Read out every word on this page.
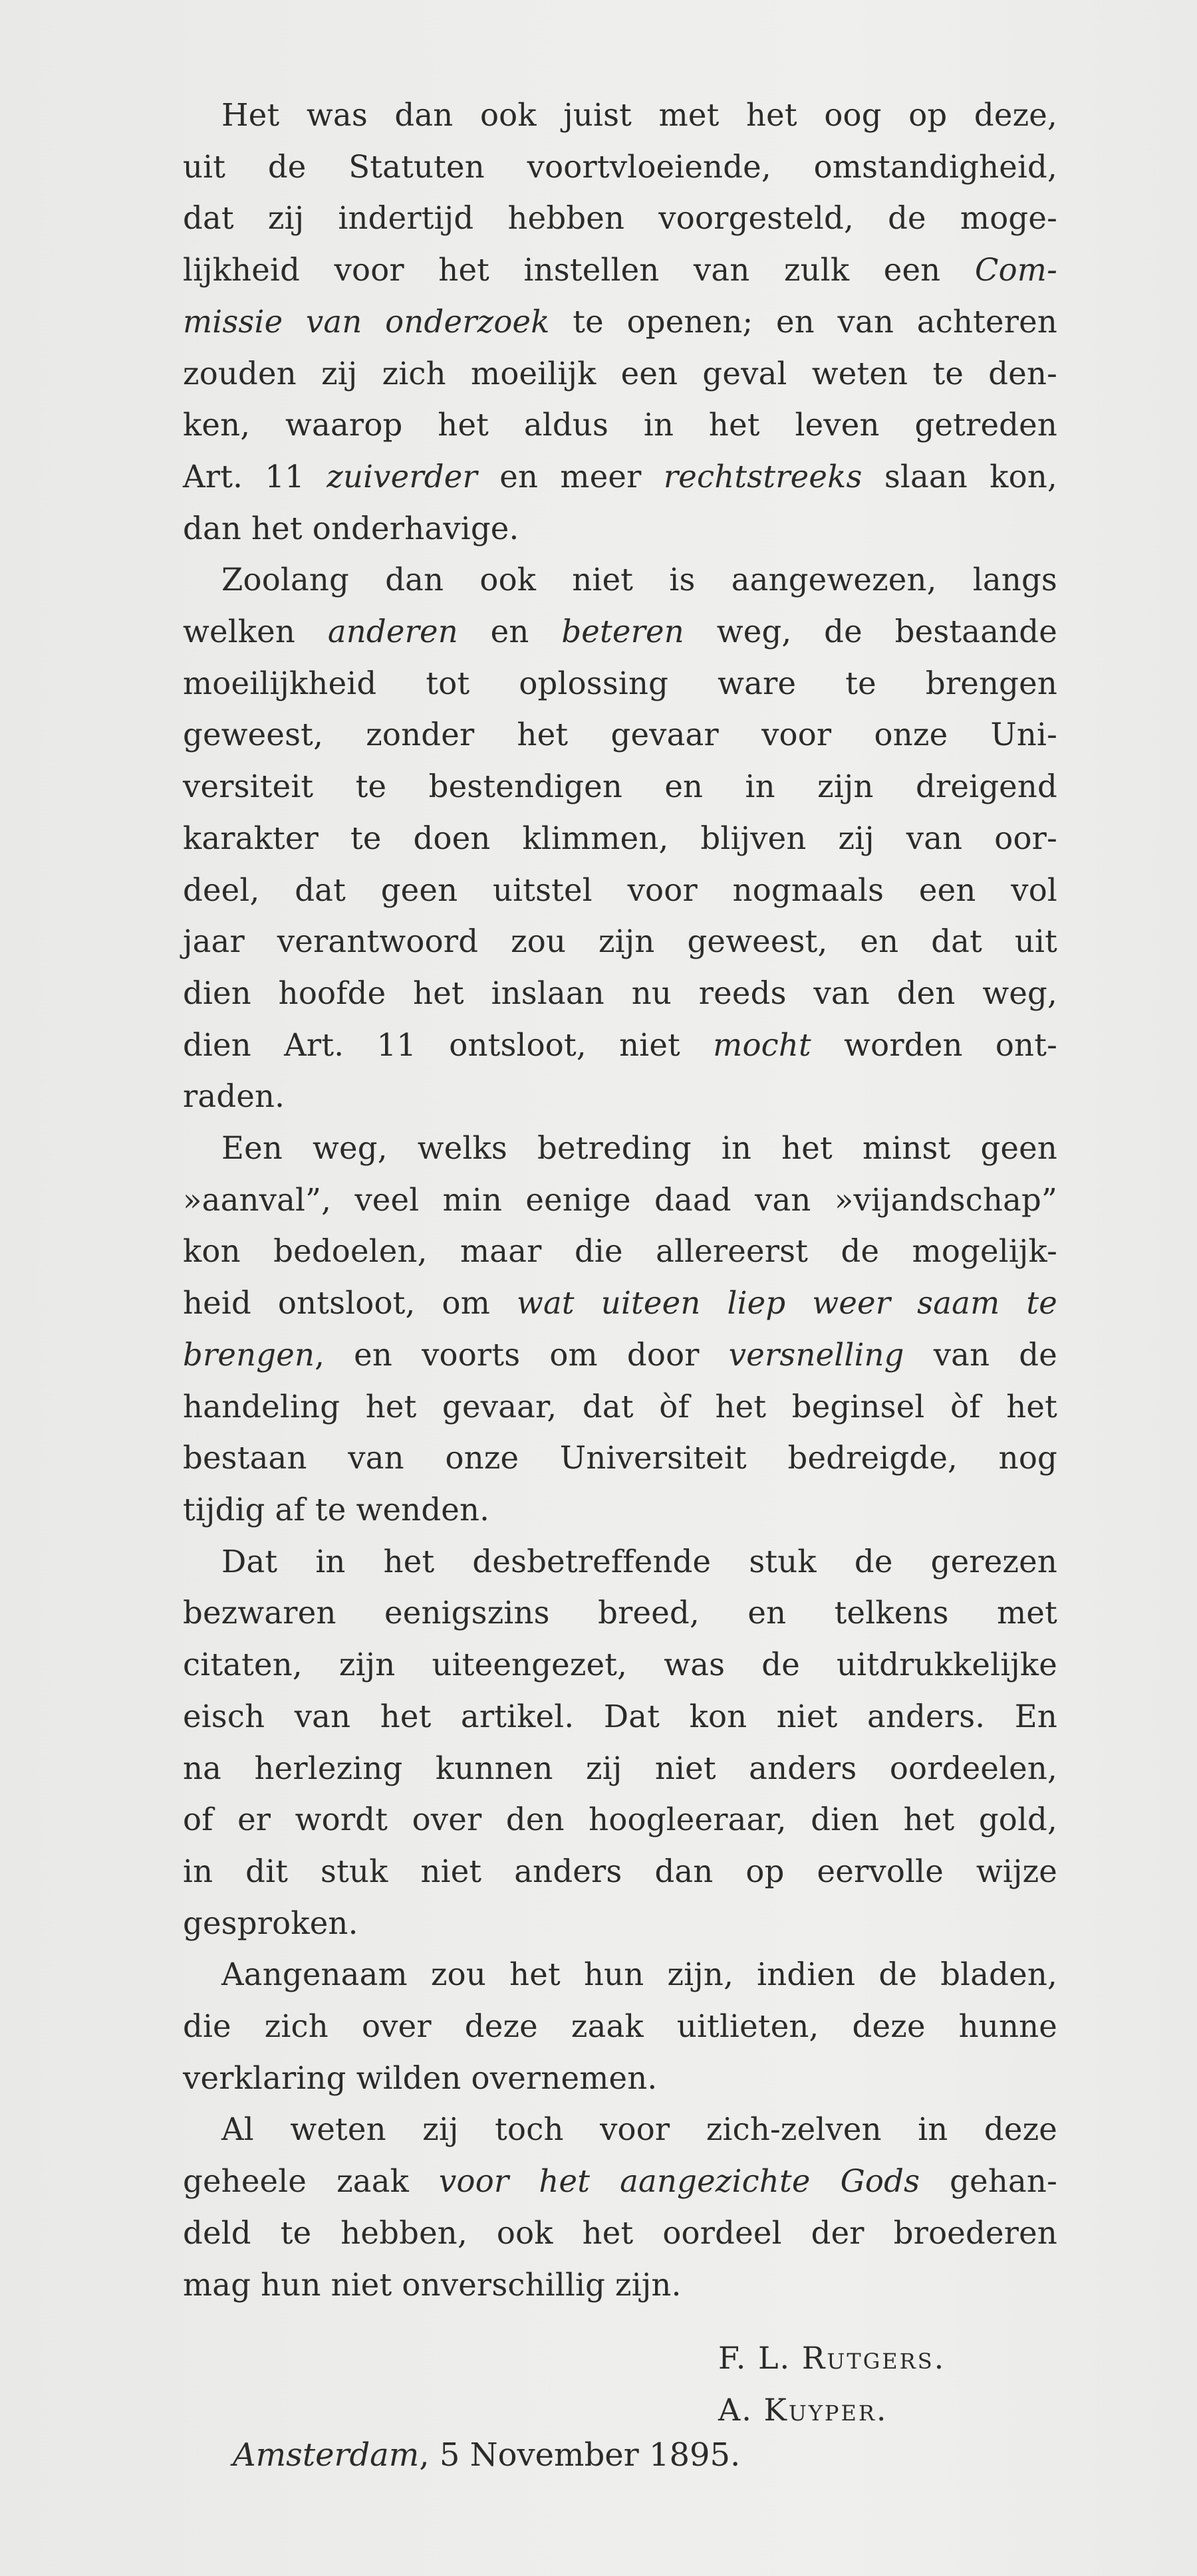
Het was dan ook juist met het oog op deze,
uit de Statuten voortvloeiende, omstandigheid,
dat zij indertijd hebben voorgesteld, de moge-
lijkheid voor het instellen van zulk een Com-
missie van onderzoek te openen; en van achteren
zouden zij zich moeilijk een geval weten te den-
ken, waarop het aldus in het leven getreden
Art. 11 zuiverder en meer rechtstreeks slaan kon,
dan het onderhavige.
Zoolang dan ook niet is aangewezen, langs
welken anderen en beteren weg, de bestaande
moeilijkheid tot oplossing ware te brengen
geweest, zonder het gevaar voor onze Uni-
versiteit te bestendigen en in zijn dreigend
karakter te doen klimmen, blijven zij van oor-
deel, dat geen uitstel voor nogmaals een vol
jaar verantwoord zou zijn geweest, en dat uit
dien hoofde het inslaan nu reeds van den weg,
dien Art. 11 ontsloot, niet mocht worden ont-
raden.
Een weg, welks betreding in het minst geen
»aanval”, veel min eenige daad van »vijandschap”
kon bedoelen, maar die allereerst de mogelijk-
heid ontsloot, om wat uiteen liep weer saam te
brengen, en voorts om door versnelling van de
handeling het gevaar, dat òf het beginsel òf het
bestaan van onze Universiteit bedreigde, nog
tijdig af te wenden.
Dat in het desbetreffende stuk de gerezen
bezwaren eenigszins breed, en telkens met
citaten, zijn uiteengezet, was de uitdrukkelijke
eisch van het artikel. Dat kon niet anders. En
na herlezing kunnen zij niet anders oordeelen,
of er wordt over den hoogleeraar, dien het gold,
in dit stuk niet anders dan op eervolle wijze
gesproken.
Aangenaam zou het hun zijn, indien de bladen,
die zich over deze zaak uitlieten, deze hunne
verklaring wilden overnemen.
Al weten zij toch voor zich-zelven in deze
geheele zaak voor het aangezichte Gods gehan-
deld te hebben, ook het oordeel der broederen
mag hun niet onverschillig zijn.
F. L. Rutgers.
A. Kuyper.
Amsterdam, 5 November 1895.
